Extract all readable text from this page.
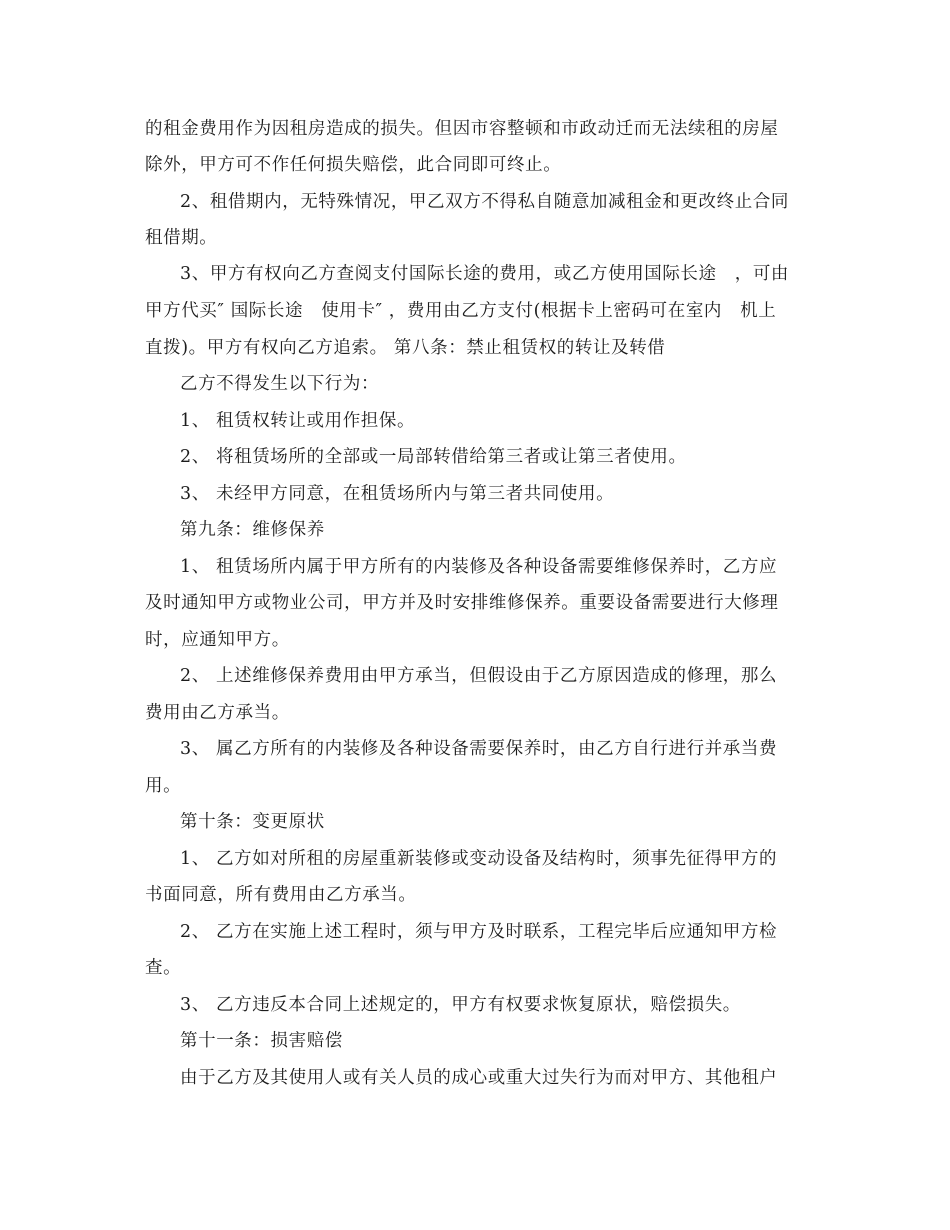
的租金费用作为因租房造成的损失。但因市容整顿和市政动迁而无法续租的房屋
除外，甲方可不作任何损失赔偿，此合同即可终止。
2、租借期内，无特殊情况，甲乙双方不得私自随意加减租金和更改终止合同
租借期。
3、甲方有权向乙方查阅支付国际长途的费用，或乙方使用国际长途　，可由
甲方代买″ 国际长途　使用卡″ ，费用由乙方支付(根据卡上密码可在室内　机上
直拨)。甲方有权向乙方追索。 第八条：禁止租赁权的转让及转借
乙方不得发生以下行为：
1、 租赁权转让或用作担保。
2、 将租赁场所的全部或一局部转借给第三者或让第三者使用。
3、 未经甲方同意，在租赁场所内与第三者共同使用。
第九条：维修保养
1、 租赁场所内属于甲方所有的内装修及各种设备需要维修保养时，乙方应
及时通知甲方或物业公司，甲方并及时安排维修保养。重要设备需要进行大修理
时，应通知甲方。
2、 上述维修保养费用由甲方承当，但假设由于乙方原因造成的修理，那么
费用由乙方承当。
3、 属乙方所有的内装修及各种设备需要保养时，由乙方自行进行并承当费
用。
第十条：变更原状
1、 乙方如对所租的房屋重新装修或变动设备及结构时，须事先征得甲方的
书面同意，所有费用由乙方承当。
2、 乙方在实施上述工程时，须与甲方及时联系，工程完毕后应通知甲方检
查。
3、 乙方违反本合同上述规定的，甲方有权要求恢复原状，赔偿损失。
第十一条：损害赔偿
由于乙方及其使用人或有关人员的成心或重大过失行为而对甲方、其他租户
